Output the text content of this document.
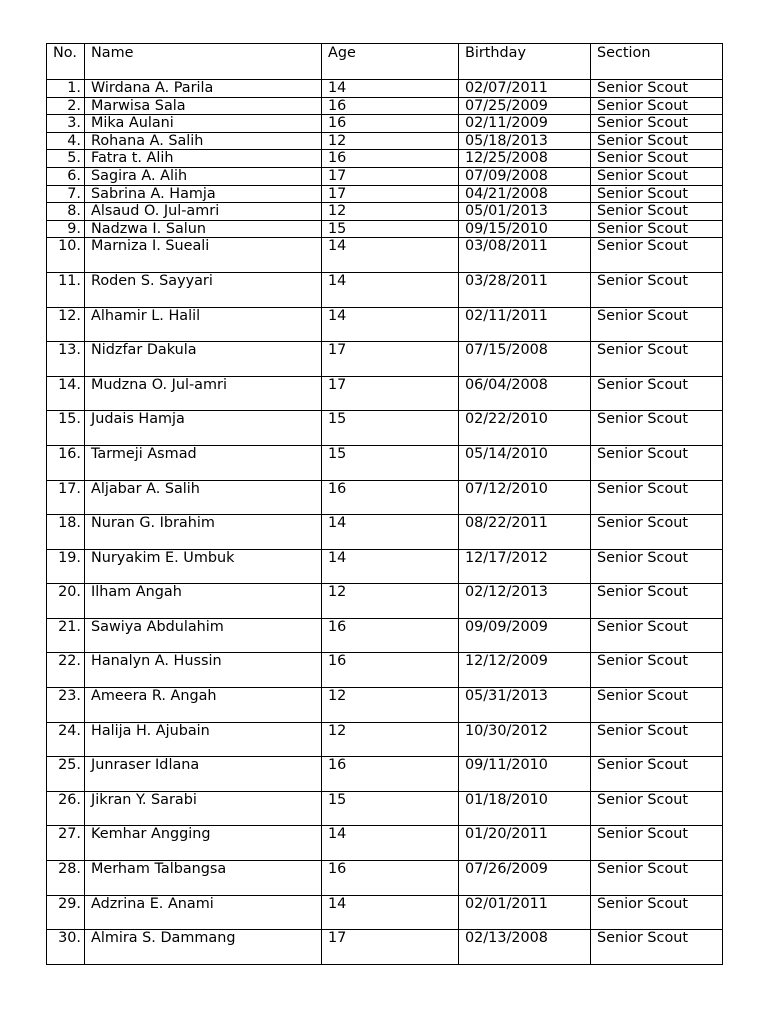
No.	Name	Age	Birthday	Section
1.	Wirdana A. Parila	14	02/07/2011	Senior Scout
2.	Marwisa Sala	16	07/25/2009	Senior Scout
3.	Mika Aulani	16	02/11/2009	Senior Scout
4.	Rohana A. Salih	12	05/18/2013	Senior Scout
5.	Fatra t. Alih	16	12/25/2008	Senior Scout
6.	Sagira A. Alih	17	07/09/2008	Senior Scout
7.	Sabrina A. Hamja	17	04/21/2008	Senior Scout
8.	Alsaud O. Jul-amri	12	05/01/2013	Senior Scout
9.	Nadzwa I. Salun	15	09/15/2010	Senior Scout
10.	Marniza I. Sueali	14	03/08/2011	Senior Scout
11.	Roden S. Sayyari	14	03/28/2011	Senior Scout
12.	Alhamir L. Halil	14	02/11/2011	Senior Scout
13.	Nidzfar Dakula	17	07/15/2008	Senior Scout
14.	Mudzna O. Jul-amri	17	06/04/2008	Senior Scout
15.	Judais Hamja	15	02/22/2010	Senior Scout
16.	Tarmeji Asmad	15	05/14/2010	Senior Scout
17.	Aljabar A. Salih	16	07/12/2010	Senior Scout
18.	Nuran G. Ibrahim	14	08/22/2011	Senior Scout
19.	Nuryakim E. Umbuk	14	12/17/2012	Senior Scout
20.	Ilham Angah	12	02/12/2013	Senior Scout
21.	Sawiya Abdulahim	16	09/09/2009	Senior Scout
22.	Hanalyn A. Hussin	16	12/12/2009	Senior Scout
23.	Ameera R. Angah	12	05/31/2013	Senior Scout
24.	Halija H. Ajubain	12	10/30/2012	Senior Scout
25.	Junraser Idlana	16	09/11/2010	Senior Scout
26.	Jikran Y. Sarabi	15	01/18/2010	Senior Scout
27.	Kemhar Angging	14	01/20/2011	Senior Scout
28.	Merham Talbangsa	16	07/26/2009	Senior Scout
29.	Adzrina E. Anami	14	02/01/2011	Senior Scout
30.	Almira S. Dammang	17	02/13/2008	Senior Scout
